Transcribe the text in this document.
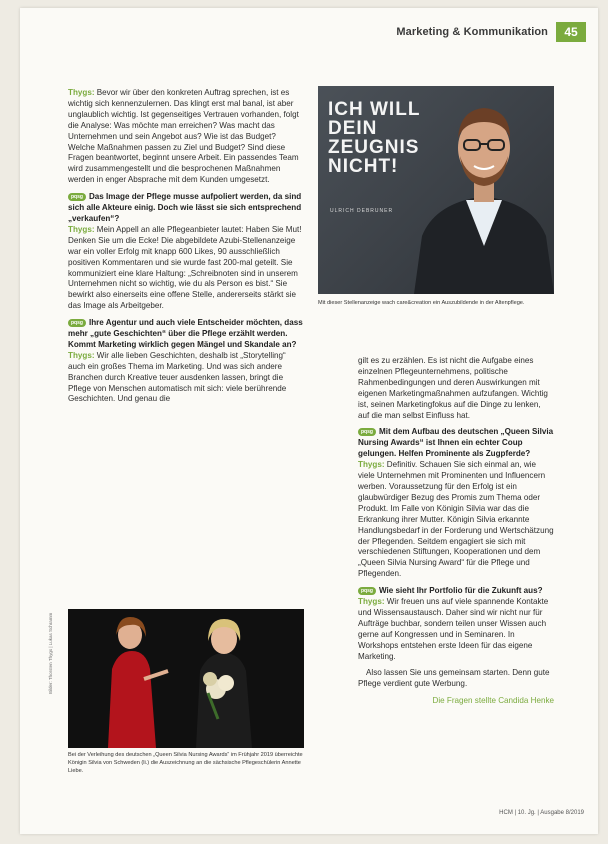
Marketing & Kommunikation	45

Thygs: Bevor wir über den konkreten Auftrag sprechen, ist es wichtig sich kennenzulernen. Das klingt erst mal banal, ist aber unglaublich wichtig. Ist gegenseitiges Vertrauen vorhanden, folgt die Analyse: Was möchte man erreichen? Was macht das Unternehmen und sein Angebot aus? Wie ist das Budget? Welche Maßnahmen passen zu Ziel und Budget? Sind diese Fragen beantwortet, beginnt unsere Arbeit. Ein passendes Team wird zusammengestellt und die besprochenen Maßnahmen werden in enger Absprache mit dem Kunden umgesetzt.

pqsg Das Image der Pflege musse aufpoliert werden, da sind sich alle Akteure einig. Doch wie lässt sie sich entsprechend „verkaufen“?
Thygs: Mein Appell an alle Pflegeanbieter lautet: Haben Sie Mut! Denken Sie um die Ecke! Die abgebildete Azubi-Stellenanzeige war ein voller Erfolg mit knapp 600 Likes, 90 ausschließlich positiven Kommentaren und sie wurde fast 200-mal geteilt. Sie kommuniziert eine klare Haltung: „Schreibnoten sind in unserem Unternehmen nicht so wichtig, wie du als Person es bist.“ Sie bewirkt also einerseits eine offene Stelle, andererseits stärkt sie das Image als Arbeitgeber.

pqsg Ihre Agentur und auch viele Entscheider möchten, dass mehr „gute Geschichten“ über die Pflege erzählt werden. Kommt Marketing wirklich gegen Mängel und Skandale an?
Thygs: Wir alle lieben Geschichten, deshalb ist „Storytelling“ auch ein großes Thema im Marketing. Und was sich andere Branchen durch Kreative teuer ausdenken lassen, bringt die Pflege von Menschen automatisch mit sich: viele berührende Geschichten. Und genau die

ICH WILL DEIN ZEUGNIS NICHT!
ULRICH DEBRUNER
Mit dieser Stellenanzeige wach care&creation ein Auszubildende in der Altenpflege.

gilt es zu erzählen. Es ist nicht die Aufgabe eines einzelnen Pflegeunternehmens, politische Rahmenbedingungen und deren Auswirkungen mit eigenen Marketingmaßnahmen aufzufangen. Wichtig ist, seinen Marketingfokus auf die Dinge zu lenken, auf die man selbst Einfluss hat.

pqsg Mit dem Aufbau des deutschen „Queen Silvia Nursing Awards“ ist Ihnen ein echter Coup gelungen. Helfen Prominente als Zugpferde?
Thygs: Definitiv. Schauen Sie sich einmal an, wie viele Unternehmen mit Prominenten und Influencern werben. Voraussetzung für den Erfolg ist ein glaubwürdiger Bezug des Promis zum Thema oder Produkt. Im Falle von Königin Silvia war das die Erkrankung ihrer Mutter. Königin Silvia erkannte Handlungsbedarf in der Forderung und Wertschätzung der Pflegenden. Seitdem engagiert sie sich mit verschiedenen Stiftungen, Kooperationen und dem „Queen Silvia Nursing Award“ für die Pflege und Pflegenden.

pqsg Wie sieht Ihr Portfolio für die Zukunft aus?
Thygs: Wir freuen uns auf viele spannende Kontakte und Wissensaustausch. Daher sind wir nicht nur für Aufträge buchbar, sondern teilen unser Wissen auch gerne auf Kongressen und in Seminaren. In Workshops entstehen erste Ideen für das eigene Marketing.

Also lassen Sie uns gemeinsam starten. Denn gute Pflege verdient gute Werbung.

Die Fragen stellte Candida Henke

Bei der Verleihung des deutschen „Queen Silvia Nursing Awards“ im Frühjahr 2019 überreichte Königin Silvia von Schweden (li.) die Auszeichnung an die sächsische Pflegeschülerin Annette Liebe.
Bilder: Thorsten Thygs | Lukas Schramm
HCM | 10. Jg. | Ausgabe 8/2019
